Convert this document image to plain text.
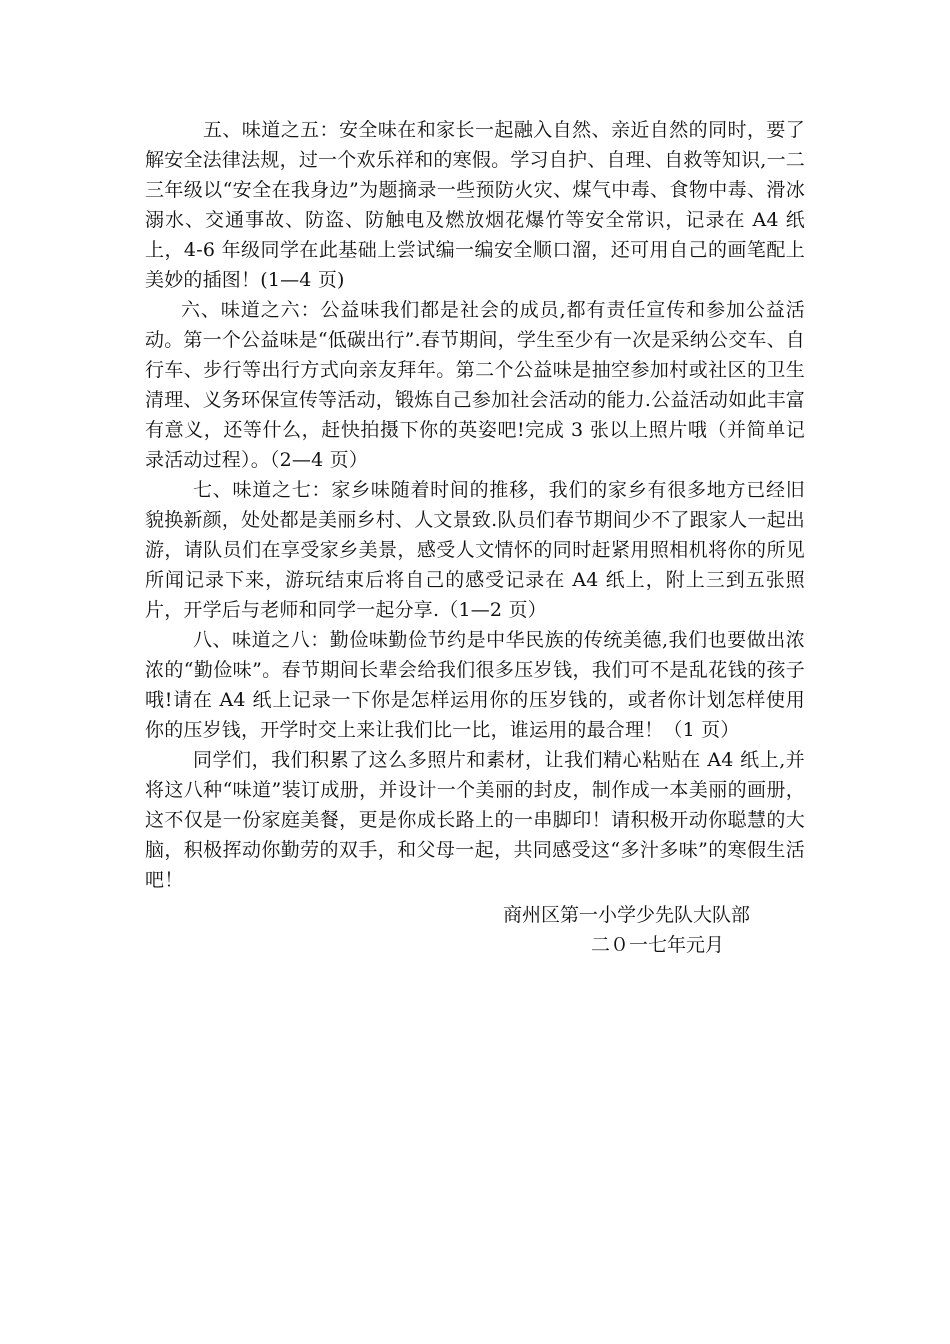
五、味道之五：安全味在和家长一起融入自然、亲近自然的同时，要了解安全法律法规，过一个欢乐祥和的寒假。学习自护、自理、自救等知识,一二三年级以“安全在我身边”为题摘录一些预防火灾、煤气中毒、食物中毒、滑冰溺水、交通事故、防盗、防触电及燃放烟花爆竹等安全常识，记录在 A4 纸上，4-6 年级同学在此基础上尝试编一编安全顺口溜，还可用自己的画笔配上美妙的插图！(1—4 页)

六、味道之六：公益味我们都是社会的成员,都有责任宣传和参加公益活动。第一个公益味是“低碳出行”.春节期间，学生至少有一次是采纳公交车、自行车、步行等出行方式向亲友拜年。第二个公益味是抽空参加村或社区的卫生清理、义务环保宣传等活动，锻炼自己参加社会活动的能力.公益活动如此丰富有意义，还等什么，赶快拍摄下你的英姿吧!完成 3 张以上照片哦（并简单记录活动过程）。（2—4 页）

七、味道之七：家乡味随着时间的推移，我们的家乡有很多地方已经旧貌换新颜，处处都是美丽乡村、人文景致.队员们春节期间少不了跟家人一起出游，请队员们在享受家乡美景，感受人文情怀的同时赶紧用照相机将你的所见所闻记录下来，游玩结束后将自己的感受记录在 A4 纸上，附上三到五张照片，开学后与老师和同学一起分享.（1—2 页）

八、味道之八：勤俭味勤俭节约是中华民族的传统美德,我们也要做出浓浓的“勤俭味”。春节期间长辈会给我们很多压岁钱，我们可不是乱花钱的孩子哦!请在 A4 纸上记录一下你是怎样运用你的压岁钱的，或者你计划怎样使用你的压岁钱，开学时交上来让我们比一比，谁运用的最合理！（1 页）

同学们，我们积累了这么多照片和素材，让我们精心粘贴在 A4 纸上,并将这八种“味道”装订成册，并设计一个美丽的封皮，制作成一本美丽的画册，这不仅是一份家庭美餐，更是你成长路上的一串脚印！请积极开动你聪慧的大脑，积极挥动你勤劳的双手，和父母一起，共同感受这“多汁多味”的寒假生活吧！

商州区第一小学少先队大队部
二０一七年元月
